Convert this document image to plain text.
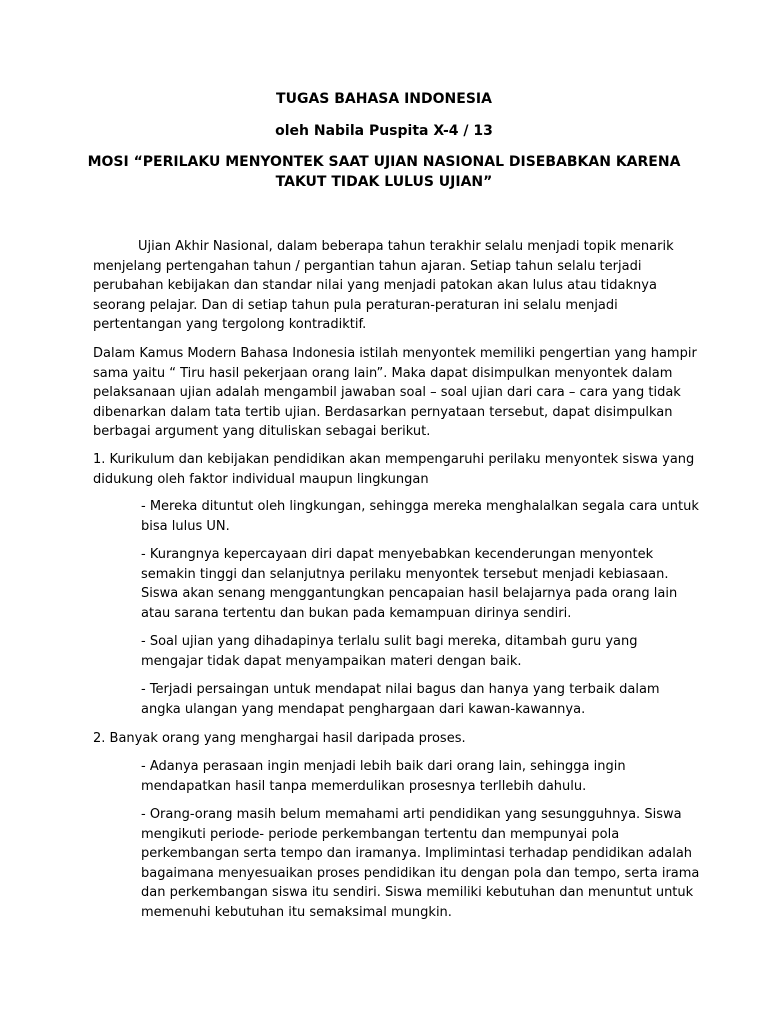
TUGAS BAHASA INDONESIA
oleh Nabila Puspita X-4 / 13
MOSI “PERILAKU MENYONTEK SAAT UJIAN NASIONAL DISEBABKAN KARENA
TAKUT TIDAK LULUS UJIAN”
Ujian Akhir Nasional, dalam beberapa tahun terakhir selalu menjadi topik menarik
menjelang pertengahan tahun / pergantian tahun ajaran. Setiap tahun selalu terjadi
perubahan kebijakan dan standar nilai yang menjadi patokan akan lulus atau tidaknya
seorang pelajar. Dan di setiap tahun pula peraturan-peraturan ini selalu menjadi
pertentangan yang tergolong kontradiktif.
Dalam Kamus Modern Bahasa Indonesia istilah menyontek memiliki pengertian yang hampir
sama yaitu “ Tiru hasil pekerjaan orang lain”. Maka dapat disimpulkan menyontek dalam
pelaksanaan ujian adalah mengambil jawaban soal – soal ujian dari cara – cara yang tidak
dibenarkan dalam tata tertib ujian. Berdasarkan pernyataan tersebut, dapat disimpulkan
berbagai argument yang dituliskan sebagai berikut.
1. Kurikulum dan kebijakan pendidikan akan mempengaruhi perilaku menyontek siswa yang
didukung oleh faktor individual maupun lingkungan
- Mereka dituntut oleh lingkungan, sehingga mereka menghalalkan segala cara untuk
bisa lulus UN.
- Kurangnya kepercayaan diri dapat menyebabkan kecenderungan menyontek
semakin tinggi dan selanjutnya perilaku menyontek tersebut menjadi kebiasaan.
Siswa akan senang menggantungkan pencapaian hasil belajarnya pada orang lain
atau sarana tertentu dan bukan pada kemampuan dirinya sendiri.
- Soal ujian yang dihadapinya terlalu sulit bagi mereka, ditambah guru yang
mengajar tidak dapat menyampaikan materi dengan baik.
- Terjadi persaingan untuk mendapat nilai bagus dan hanya yang terbaik dalam
angka ulangan yang mendapat penghargaan dari kawan-kawannya.
2. Banyak orang yang menghargai hasil daripada proses.
- Adanya perasaan ingin menjadi lebih baik dari orang lain, sehingga ingin
mendapatkan hasil tanpa memerdulikan prosesnya terllebih dahulu.
- Orang-orang masih belum memahami arti pendidikan yang sesungguhnya. Siswa
mengikuti periode- periode perkembangan tertentu dan mempunyai pola
perkembangan serta tempo dan iramanya. Implimintasi terhadap pendidikan adalah
bagaimana menyesuaikan proses pendidikan itu dengan pola dan tempo, serta irama
dan perkembangan siswa itu sendiri. Siswa memiliki kebutuhan dan menuntut untuk
memenuhi kebutuhan itu semaksimal mungkin.
